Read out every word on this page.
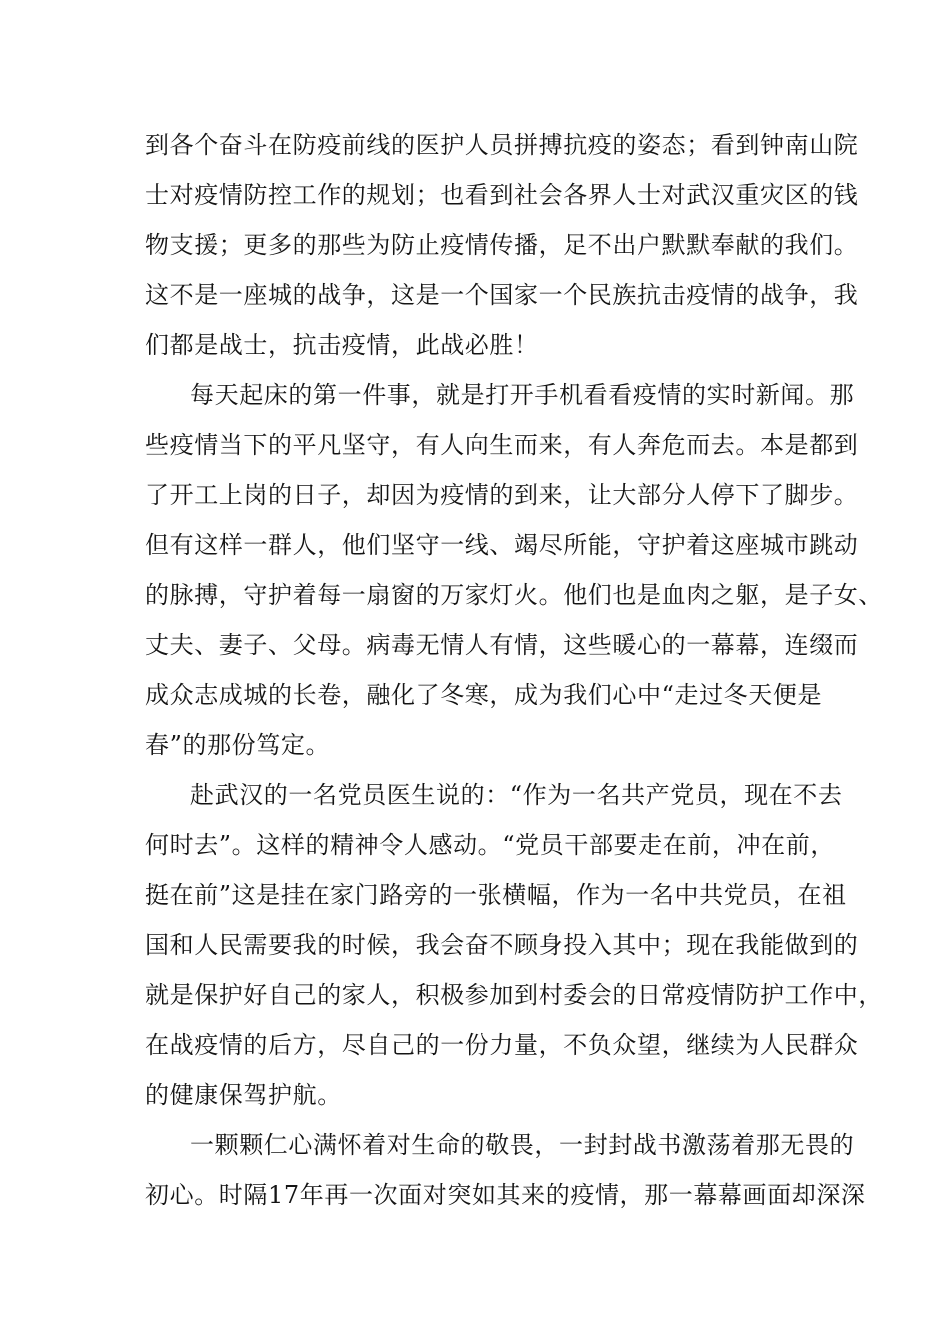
到各个奋斗在防疫前线的医护人员拼搏抗疫的姿态；看到钟南山院
士对疫情防控工作的规划；也看到社会各界人士对武汉重灾区的钱
物支援；更多的那些为防止疫情传播，足不出户默默奉献的我们。
这不是一座城的战争，这是一个国家一个民族抗击疫情的战争，我
们都是战士，抗击疫情，此战必胜！
每天起床的第一件事，就是打开手机看看疫情的实时新闻。那
些疫情当下的平凡坚守，有人向生而来，有人奔危而去。本是都到
了开工上岗的日子，却因为疫情的到来，让大部分人停下了脚步。
但有这样一群人，他们坚守一线、竭尽所能，守护着这座城市跳动
的脉搏，守护着每一扇窗的万家灯火。他们也是血肉之躯，是子女、
丈夫、妻子、父母。病毒无情人有情，这些暖心的一幕幕，连缀而
成众志成城的长卷，融化了冬寒，成为我们心中“走过冬天便是
春”的那份笃定。
赴武汉的一名党员医生说的：“作为一名共产党员，现在不去
何时去”。这样的精神令人感动。“党员干部要走在前，冲在前，
挺在前”这是挂在家门路旁的一张横幅，作为一名中共党员，在祖
国和人民需要我的时候，我会奋不顾身投入其中；现在我能做到的
就是保护好自己的家人，积极参加到村委会的日常疫情防护工作中，
在战疫情的后方，尽自己的一份力量，不负众望，继续为人民群众
的健康保驾护航。
一颗颗仁心满怀着对生命的敬畏，一封封战书激荡着那无畏的
初心。时隔17年再一次面对突如其来的疫情，那一幕幕画面却深深
